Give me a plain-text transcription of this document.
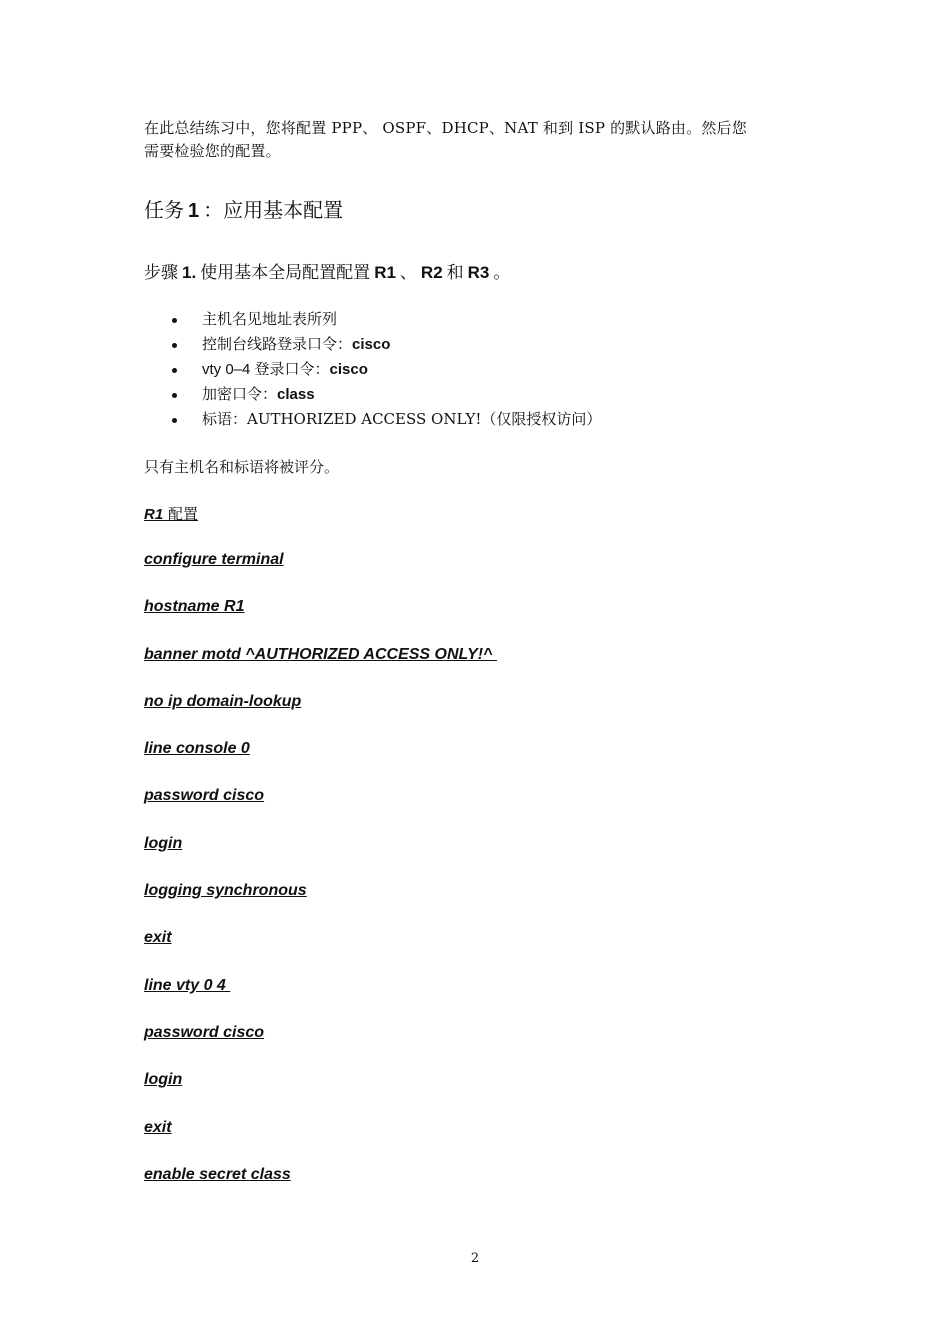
在此总结练习中，您将配置 PPP、 OSPF、DHCP、NAT 和到 ISP 的默认路由。然后您
需要检验您的配置。
任务 1 ：应用基本配置
步骤 1. 使用基本全局配置配置 R1 、 R2 和 R3 。
主机名见地址表所列
控制台线路登录口令：cisco
vty 0–4 登录口令：cisco
加密口令：class
标语：AUTHORIZED ACCESS ONLY!（仅限授权访问）
只有主机名和标语将被评分。
R1 配置
configure terminal
hostname R1
banner motd ^AUTHORIZED ACCESS ONLY!^
no ip domain-lookup
line console 0
password cisco
login
logging synchronous
exit
line vty 0 4
password cisco
login
exit
enable secret class
2
